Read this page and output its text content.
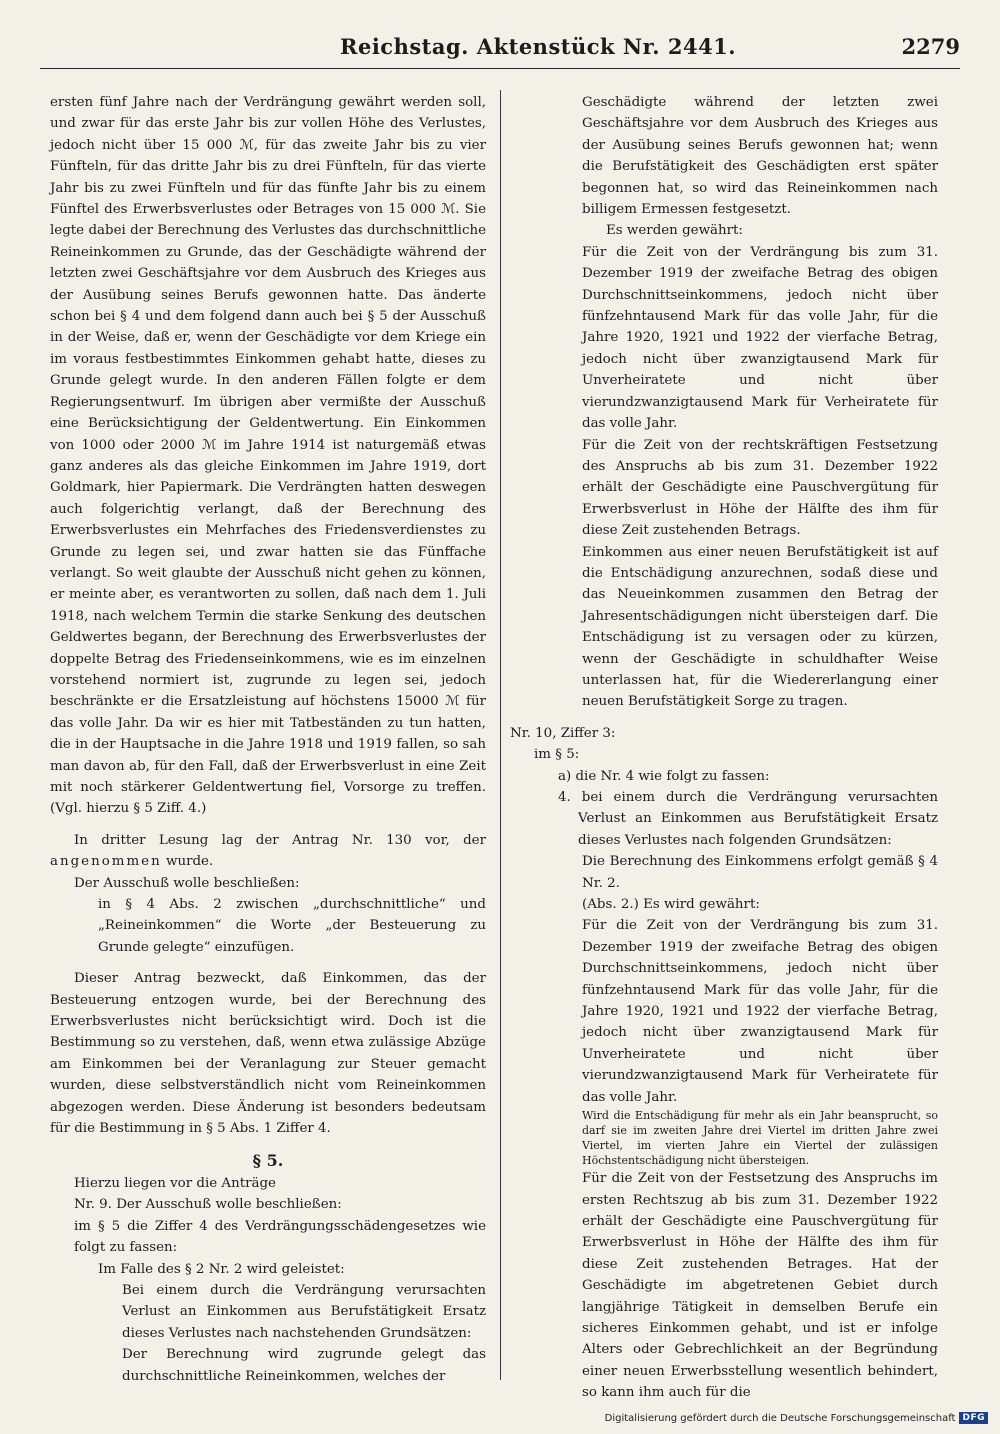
Reichstag. Aktenstück Nr. 2441.	2279

ersten fünf Jahre nach der Verdrängung gewährt werden soll, und zwar für das erste Jahr bis zur vollen Höhe des Verlustes, jedoch nicht über 15 000 ℳ, für das zweite Jahr bis zu vier Fünfteln, für das dritte Jahr bis zu drei Fünfteln, für das vierte Jahr bis zu zwei Fünfteln und für das fünfte Jahr bis zu einem Fünftel des Erwerbsverlustes oder Betrages von 15 000 ℳ. Sie legte dabei der Berechnung des Verlustes das durchschnittliche Reineinkommen zu Grunde, das der Geschädigte während der letzten zwei Geschäftsjahre vor dem Ausbruch des Krieges aus der Ausübung seines Berufs gewonnen hatte. Das änderte schon bei § 4 und dem folgend dann auch bei § 5 der Ausschuß in der Weise, daß er, wenn der Geschädigte vor dem Kriege ein im voraus festbestimmtes Einkommen gehabt hatte, dieses zu Grunde gelegt wurde. In den anderen Fällen folgte er dem Regierungsentwurf. Im übrigen aber vermißte der Ausschuß eine Berücksichtigung der Geldentwertung. Ein Einkommen von 1000 oder 2000 ℳ im Jahre 1914 ist naturgemäß etwas ganz anderes als das gleiche Einkommen im Jahre 1919, dort Goldmark, hier Papiermark. Die Verdrängten hatten deswegen auch folgerichtig verlangt, daß der Berechnung des Erwerbsverlustes ein Mehrfaches des Friedensverdienstes zu Grunde zu legen sei, und zwar hatten sie das Fünffache verlangt. So weit glaubte der Ausschuß nicht gehen zu können, er meinte aber, es verantworten zu sollen, daß nach dem 1. Juli 1918, nach welchem Termin die starke Senkung des deutschen Geldwertes begann, der Berechnung des Erwerbsverlustes der doppelte Betrag des Friedenseinkommens, wie es im einzelnen vorstehend normiert ist, zugrunde zu legen sei, jedoch beschränkte er die Ersatzleistung auf höchstens 15000 ℳ für das volle Jahr. Da wir es hier mit Tatbeständen zu tun hatten, die in der Hauptsache in die Jahre 1918 und 1919 fallen, so sah man davon ab, für den Fall, daß der Erwerbsverlust in eine Zeit mit noch stärkerer Geldentwertung fiel, Vorsorge zu treffen. (Vgl. hierzu § 5 Ziff. 4.)

In dritter Lesung lag der Antrag Nr. 130 vor, der angenommen wurde.

Der Ausschuß wolle beschließen:

in § 4 Abs. 2 zwischen „durchschnittliche“ und „Reineinkommen“ die Worte „der Besteuerung zu Grunde gelegte“ einzufügen.

Dieser Antrag bezweckt, daß Einkommen, das der Besteuerung entzogen wurde, bei der Berechnung des Erwerbsverlustes nicht berücksichtigt wird. Doch ist die Bestimmung so zu verstehen, daß, wenn etwa zulässige Abzüge am Einkommen bei der Veranlagung zur Steuer gemacht wurden, diese selbstverständlich nicht vom Reineinkommen abgezogen werden. Diese Änderung ist besonders bedeutsam für die Bestimmung in § 5 Abs. 1 Ziffer 4.

§ 5.

Hierzu liegen vor die Anträge

Nr. 9. Der Ausschuß wolle beschließen:

im § 5 die Ziffer 4 des Verdrängungsschädengesetzes wie folgt zu fassen:

Im Falle des § 2 Nr. 2 wird geleistet:

Bei einem durch die Verdrängung verursachten Verlust an Einkommen aus Berufstätigkeit Ersatz dieses Verlustes nach nachstehenden Grundsätzen:

Der Berechnung wird zugrunde gelegt das durchschnittliche Reineinkommen, welches der

Geschädigte während der letzten zwei Geschäftsjahre vor dem Ausbruch des Krieges aus der Ausübung seines Berufs gewonnen hat; wenn die Berufstätigkeit des Geschädigten erst später begonnen hat, so wird das Reineinkommen nach billigem Ermessen festgesetzt.

Es werden gewährt:

Für die Zeit von der Verdrängung bis zum 31. Dezember 1919 der zweifache Betrag des obigen Durchschnittseinkommens, jedoch nicht über fünfzehntausend Mark für das volle Jahr, für die Jahre 1920, 1921 und 1922 der vierfache Betrag, jedoch nicht über zwanzigtausend Mark für Unverheiratete und nicht über vierundzwanzigtausend Mark für Verheiratete für das volle Jahr.

Für die Zeit von der rechtskräftigen Festsetzung des Anspruchs ab bis zum 31. Dezember 1922 erhält der Geschädigte eine Pauschvergütung für Erwerbsverlust in Höhe der Hälfte des ihm für diese Zeit zustehenden Betrags.

Einkommen aus einer neuen Berufstätigkeit ist auf die Entschädigung anzurechnen, sodaß diese und das Neueinkommen zusammen den Betrag der Jahresentschädigungen nicht übersteigen darf. Die Entschädigung ist zu versagen oder zu kürzen, wenn der Geschädigte in schuldhafter Weise unterlassen hat, für die Wiedererlangung einer neuen Berufstätigkeit Sorge zu tragen.

Nr. 10, Ziffer 3:

im § 5:

a) die Nr. 4 wie folgt zu fassen:

4. bei einem durch die Verdrängung verursachten Verlust an Einkommen aus Berufstätigkeit Ersatz dieses Verlustes nach folgenden Grundsätzen:

Die Berechnung des Einkommens erfolgt gemäß § 4 Nr. 2.

(Abs. 2.) Es wird gewährt:

Für die Zeit von der Verdrängung bis zum 31. Dezember 1919 der zweifache Betrag des obigen Durchschnittseinkommens, jedoch nicht über fünfzehntausend Mark für das volle Jahr, für die Jahre 1920, 1921 und 1922 der vierfache Betrag, jedoch nicht über zwanzigtausend Mark für Unverheiratete und nicht über vierundzwanzigtausend Mark für Verheiratete für das volle Jahr.

Wird die Entschädigung für mehr als ein Jahr beansprucht, so darf sie im zweiten Jahre drei Viertel im dritten Jahre zwei Viertel, im vierten Jahre ein Viertel der zulässigen Höchstentschädigung nicht übersteigen.

Für die Zeit von der Festsetzung des Anspruchs im ersten Rechtszug ab bis zum 31. Dezember 1922 erhält der Geschädigte eine Pauschvergütung für Erwerbsverlust in Höhe der Hälfte des ihm für diese Zeit zustehenden Betrages. Hat der Geschädigte im abgetretenen Gebiet durch langjährige Tätigkeit in demselben Berufe ein sicheres Einkommen gehabt, und ist er infolge Alters oder Gebrechlichkeit an der Begründung einer neuen Erwerbsstellung wesentlich behindert, so kann ihm auch für die

Digitalisierung gefördert durch die Deutsche Forschungsgemeinschaft DFG
